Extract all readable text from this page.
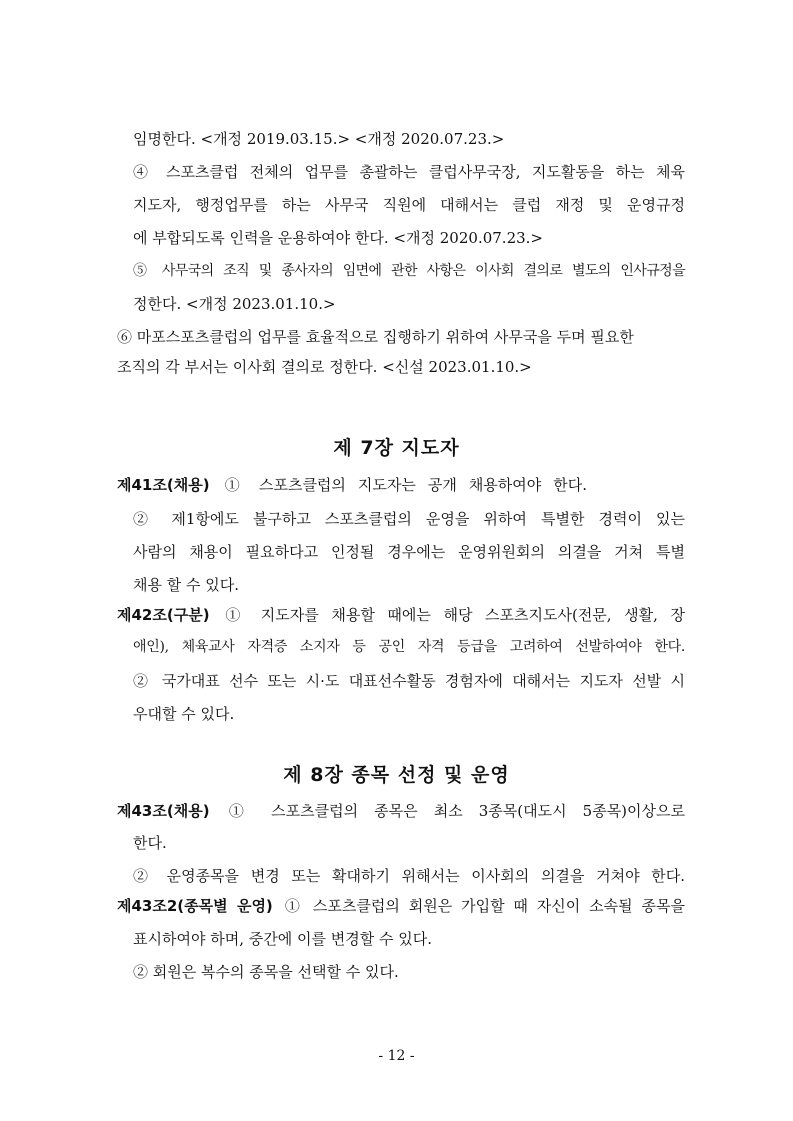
임명한다. <개정 2019.03.15.> <개정 2020.07.23.>
④ 스포츠클럽 전체의 업무를 총괄하는 클럽사무국장, 지도활동을 하는 체육
지도자, 행정업무를 하는 사무국 직원에 대해서는 클럽 재정 및 운영규정
에 부합되도록 인력을 운용하여야 한다. <개정 2020.07.23.>
⑤ 사무국의 조직 및 종사자의 임면에 관한 사항은 이사회 결의로 별도의 인사규정을
정한다. <개정 2023.01.10.>
⑥ 마포스포츠클럽의 업무를 효율적으로 집행하기 위하여 사무국을 두며 필요한
조직의 각 부서는 이사회 결의로 정한다. <신설 2023.01.10.>
제 7장 지도자
제41조(채용) ① 스포츠클럽의 지도자는 공개 채용하여야 한다.
② 제1항에도 불구하고 스포츠클럽의 운영을 위하여 특별한 경력이 있는
사람의 채용이 필요하다고 인정될 경우에는 운영위원회의 의결을 거쳐 특별
채용 할 수 있다.
제42조(구분) ① 지도자를 채용할 때에는 해당 스포츠지도사(전문, 생활, 장
애인), 체육교사 자격증 소지자 등 공인 자격 등급을 고려하여 선발하여야 한다.
② 국가대표 선수 또는 시·도 대표선수활동 경험자에 대해서는 지도자 선발 시
우대할 수 있다.
제 8장 종목 선정 및 운영
제43조(채용) ① 스포츠클럽의 종목은 최소 3종목(대도시 5종목)이상으로
한다.
② 운영종목을 변경 또는 확대하기 위해서는 이사회의 의결을 거쳐야 한다.
제43조2(종목별 운영) ① 스포츠클럽의 회원은 가입할 때 자신이 소속될 종목을
표시하여야 하며, 중간에 이를 변경할 수 있다.
② 회원은 복수의 종목을 선택할 수 있다.
- 12 -
